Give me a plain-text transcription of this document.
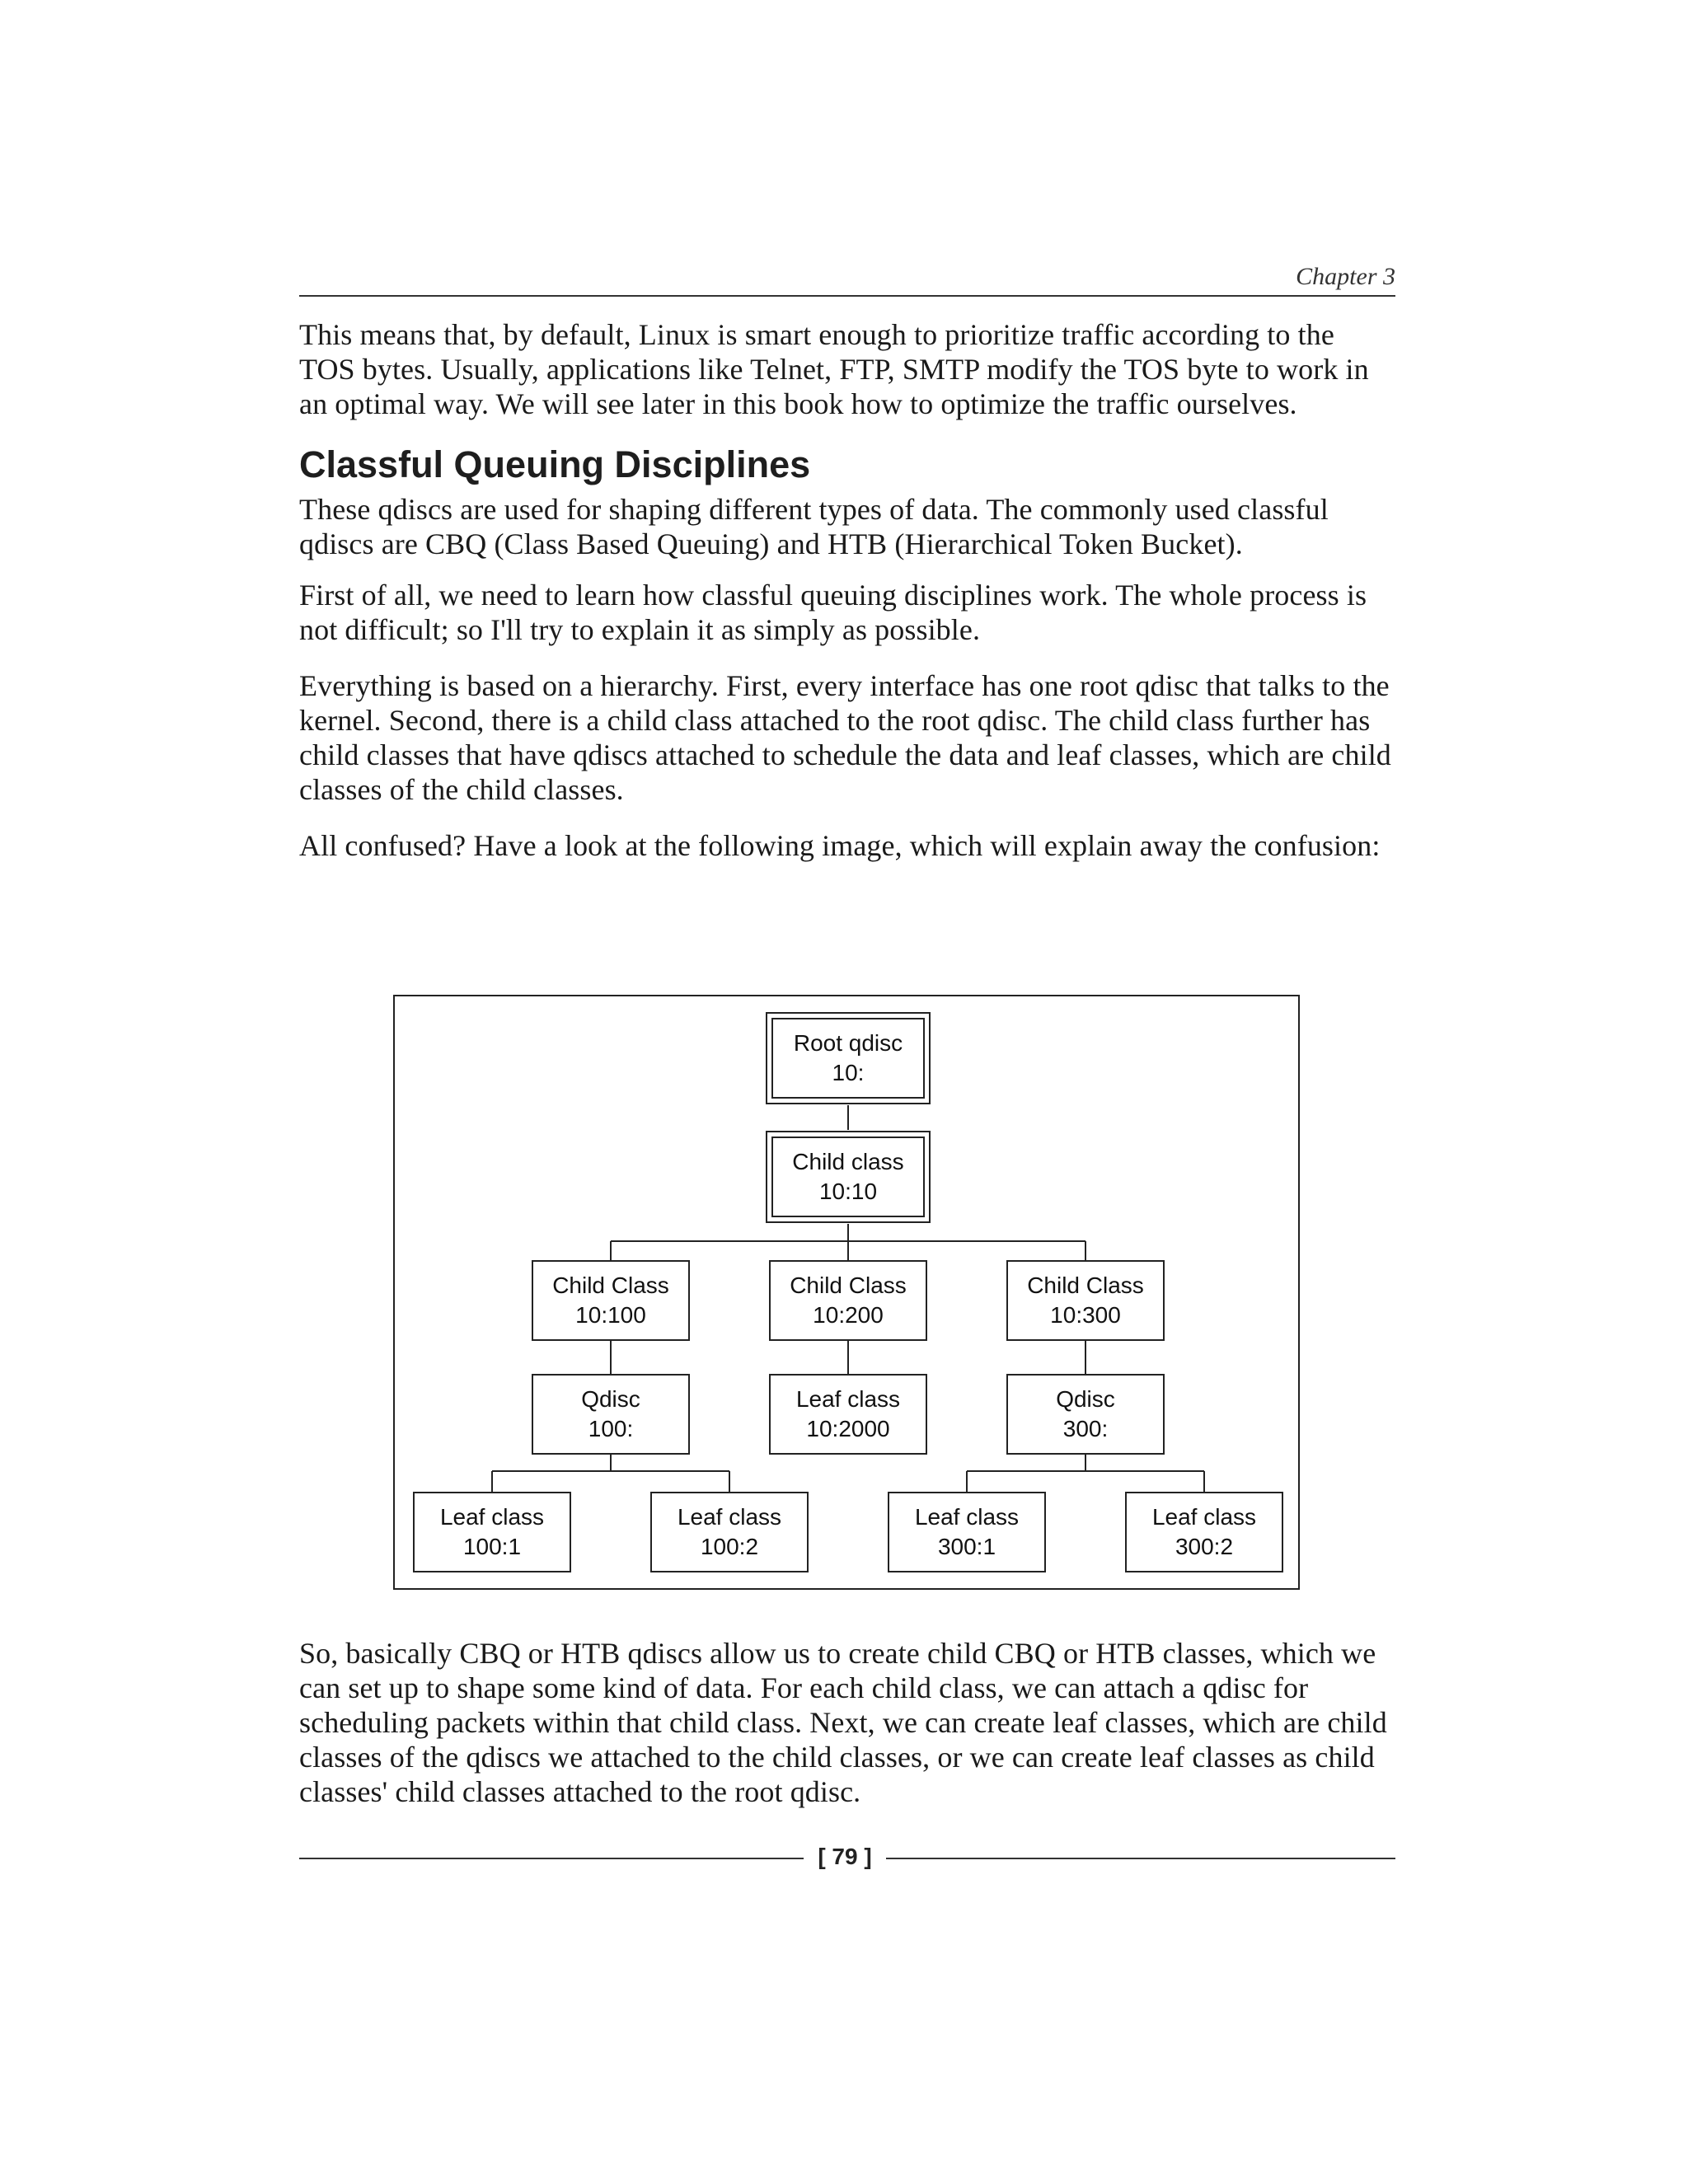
Chapter 3

This means that, by default, Linux is smart enough to prioritize traffic according to the TOS bytes. Usually, applications like Telnet, FTP, SMTP modify the TOS byte to work in an optimal way. We will see later in this book how to optimize the traffic ourselves.

Classful Queuing Disciplines

These qdiscs are used for shaping different types of data. The commonly used classful qdiscs are CBQ (Class Based Queuing) and HTB (Hierarchical Token Bucket).

First of all, we need to learn how classful queuing disciplines work. The whole process is not difficult; so I'll try to explain it as simply as possible.

Everything is based on a hierarchy. First, every interface has one root qdisc that talks to the kernel. Second, there is a child class attached to the root qdisc. The child class further has child classes that have qdiscs attached to schedule the data and leaf classes, which are child classes of the child classes.

All confused? Have a look at the following image, which will explain away the confusion:

Root qdisc
10:
Child class
10:10
Child Class
10:100
Child Class
10:200
Child Class
10:300
Qdisc
100:
Leaf class
10:2000
Qdisc
300:
Leaf class
100:1
Leaf class
100:2
Leaf class
300:1
Leaf class
300:2

So, basically CBQ or HTB qdiscs allow us to create child CBQ or HTB classes, which we can set up to shape some kind of data. For each child class, we can attach a qdisc for scheduling packets within that child class. Next, we can create leaf classes, which are child classes of the qdiscs we attached to the child classes, or we can create leaf classes as child classes' child classes attached to the root qdisc.

[ 79 ]
